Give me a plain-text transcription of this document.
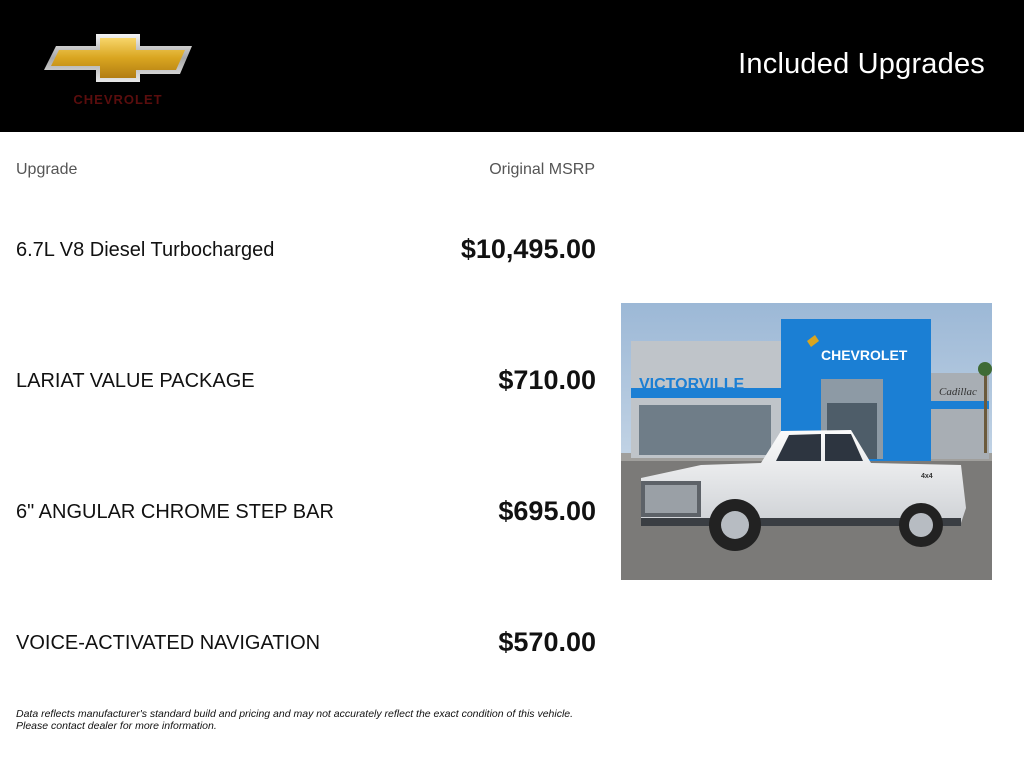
CHEVROLET
Included Upgrades
Upgrade	Original MSRP
6.7L V8 Diesel Turbocharged	$10,495.00
LARIAT VALUE PACKAGE	$710.00
6" ANGULAR CHROME STEP BAR	$695.00
VOICE-ACTIVATED NAVIGATION	$570.00
VICTORVILLE
CHEVROLET
Cadillac
4x4
Data reflects manufacturer's standard build and pricing and may not accurately reflect the exact condition of this vehicle.
Please contact dealer for more information.
